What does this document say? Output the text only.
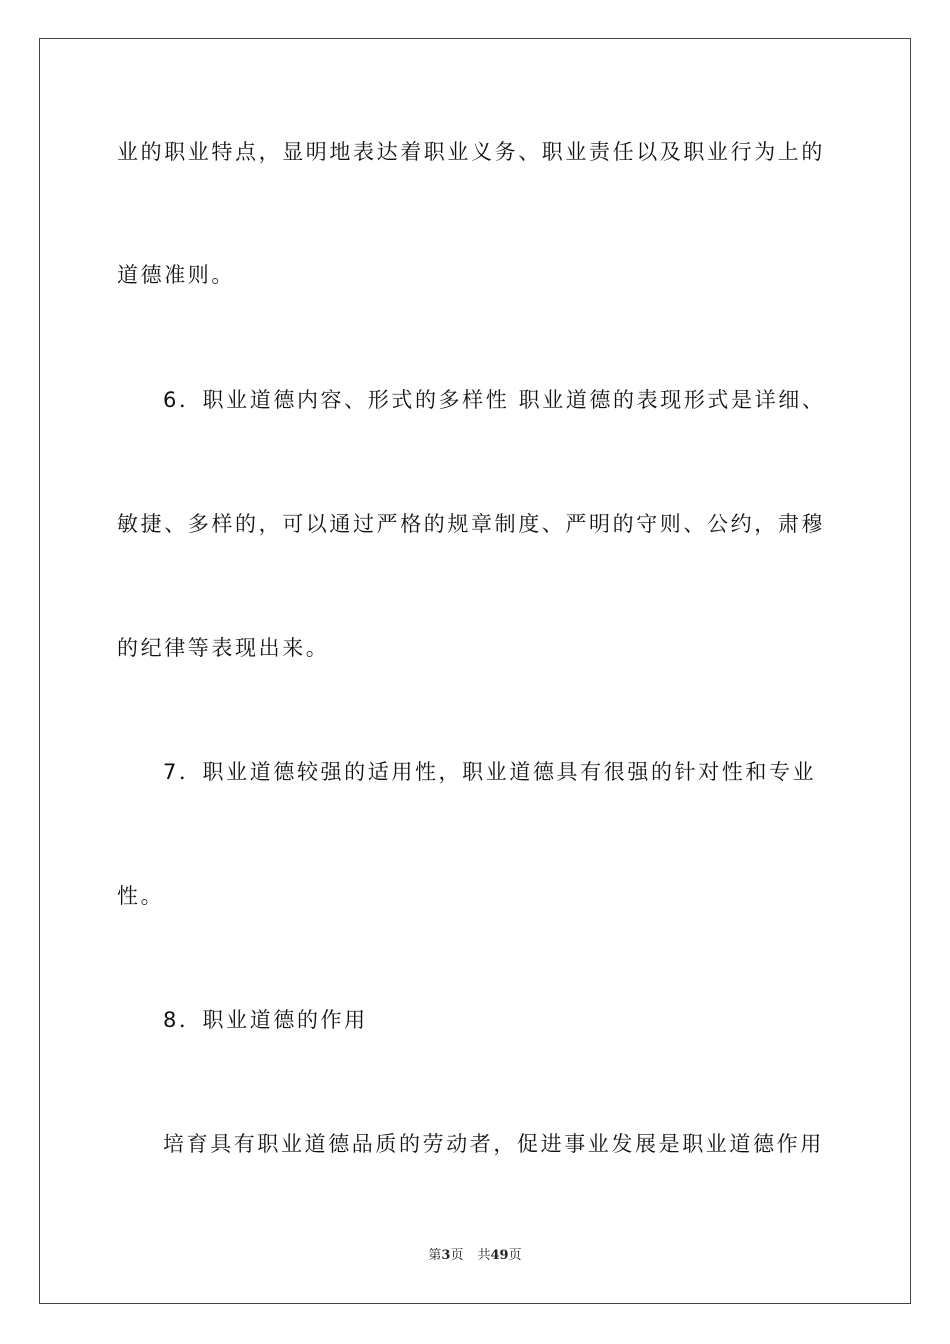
业的职业特点，显明地表达着职业义务、职业责任以及职业行为上的
道德准则。
6．职业道德内容、形式的多样性 职业道德的表现形式是详细、
敏捷、多样的，可以通过严格的规章制度、严明的守则、公约，肃穆
的纪律等表现出来。
7．职业道德较强的适用性，职业道德具有很强的针对性和专业
性。
8．职业道德的作用
培育具有职业道德品质的劳动者，促进事业发展是职业道德作用
第3页 共49页
